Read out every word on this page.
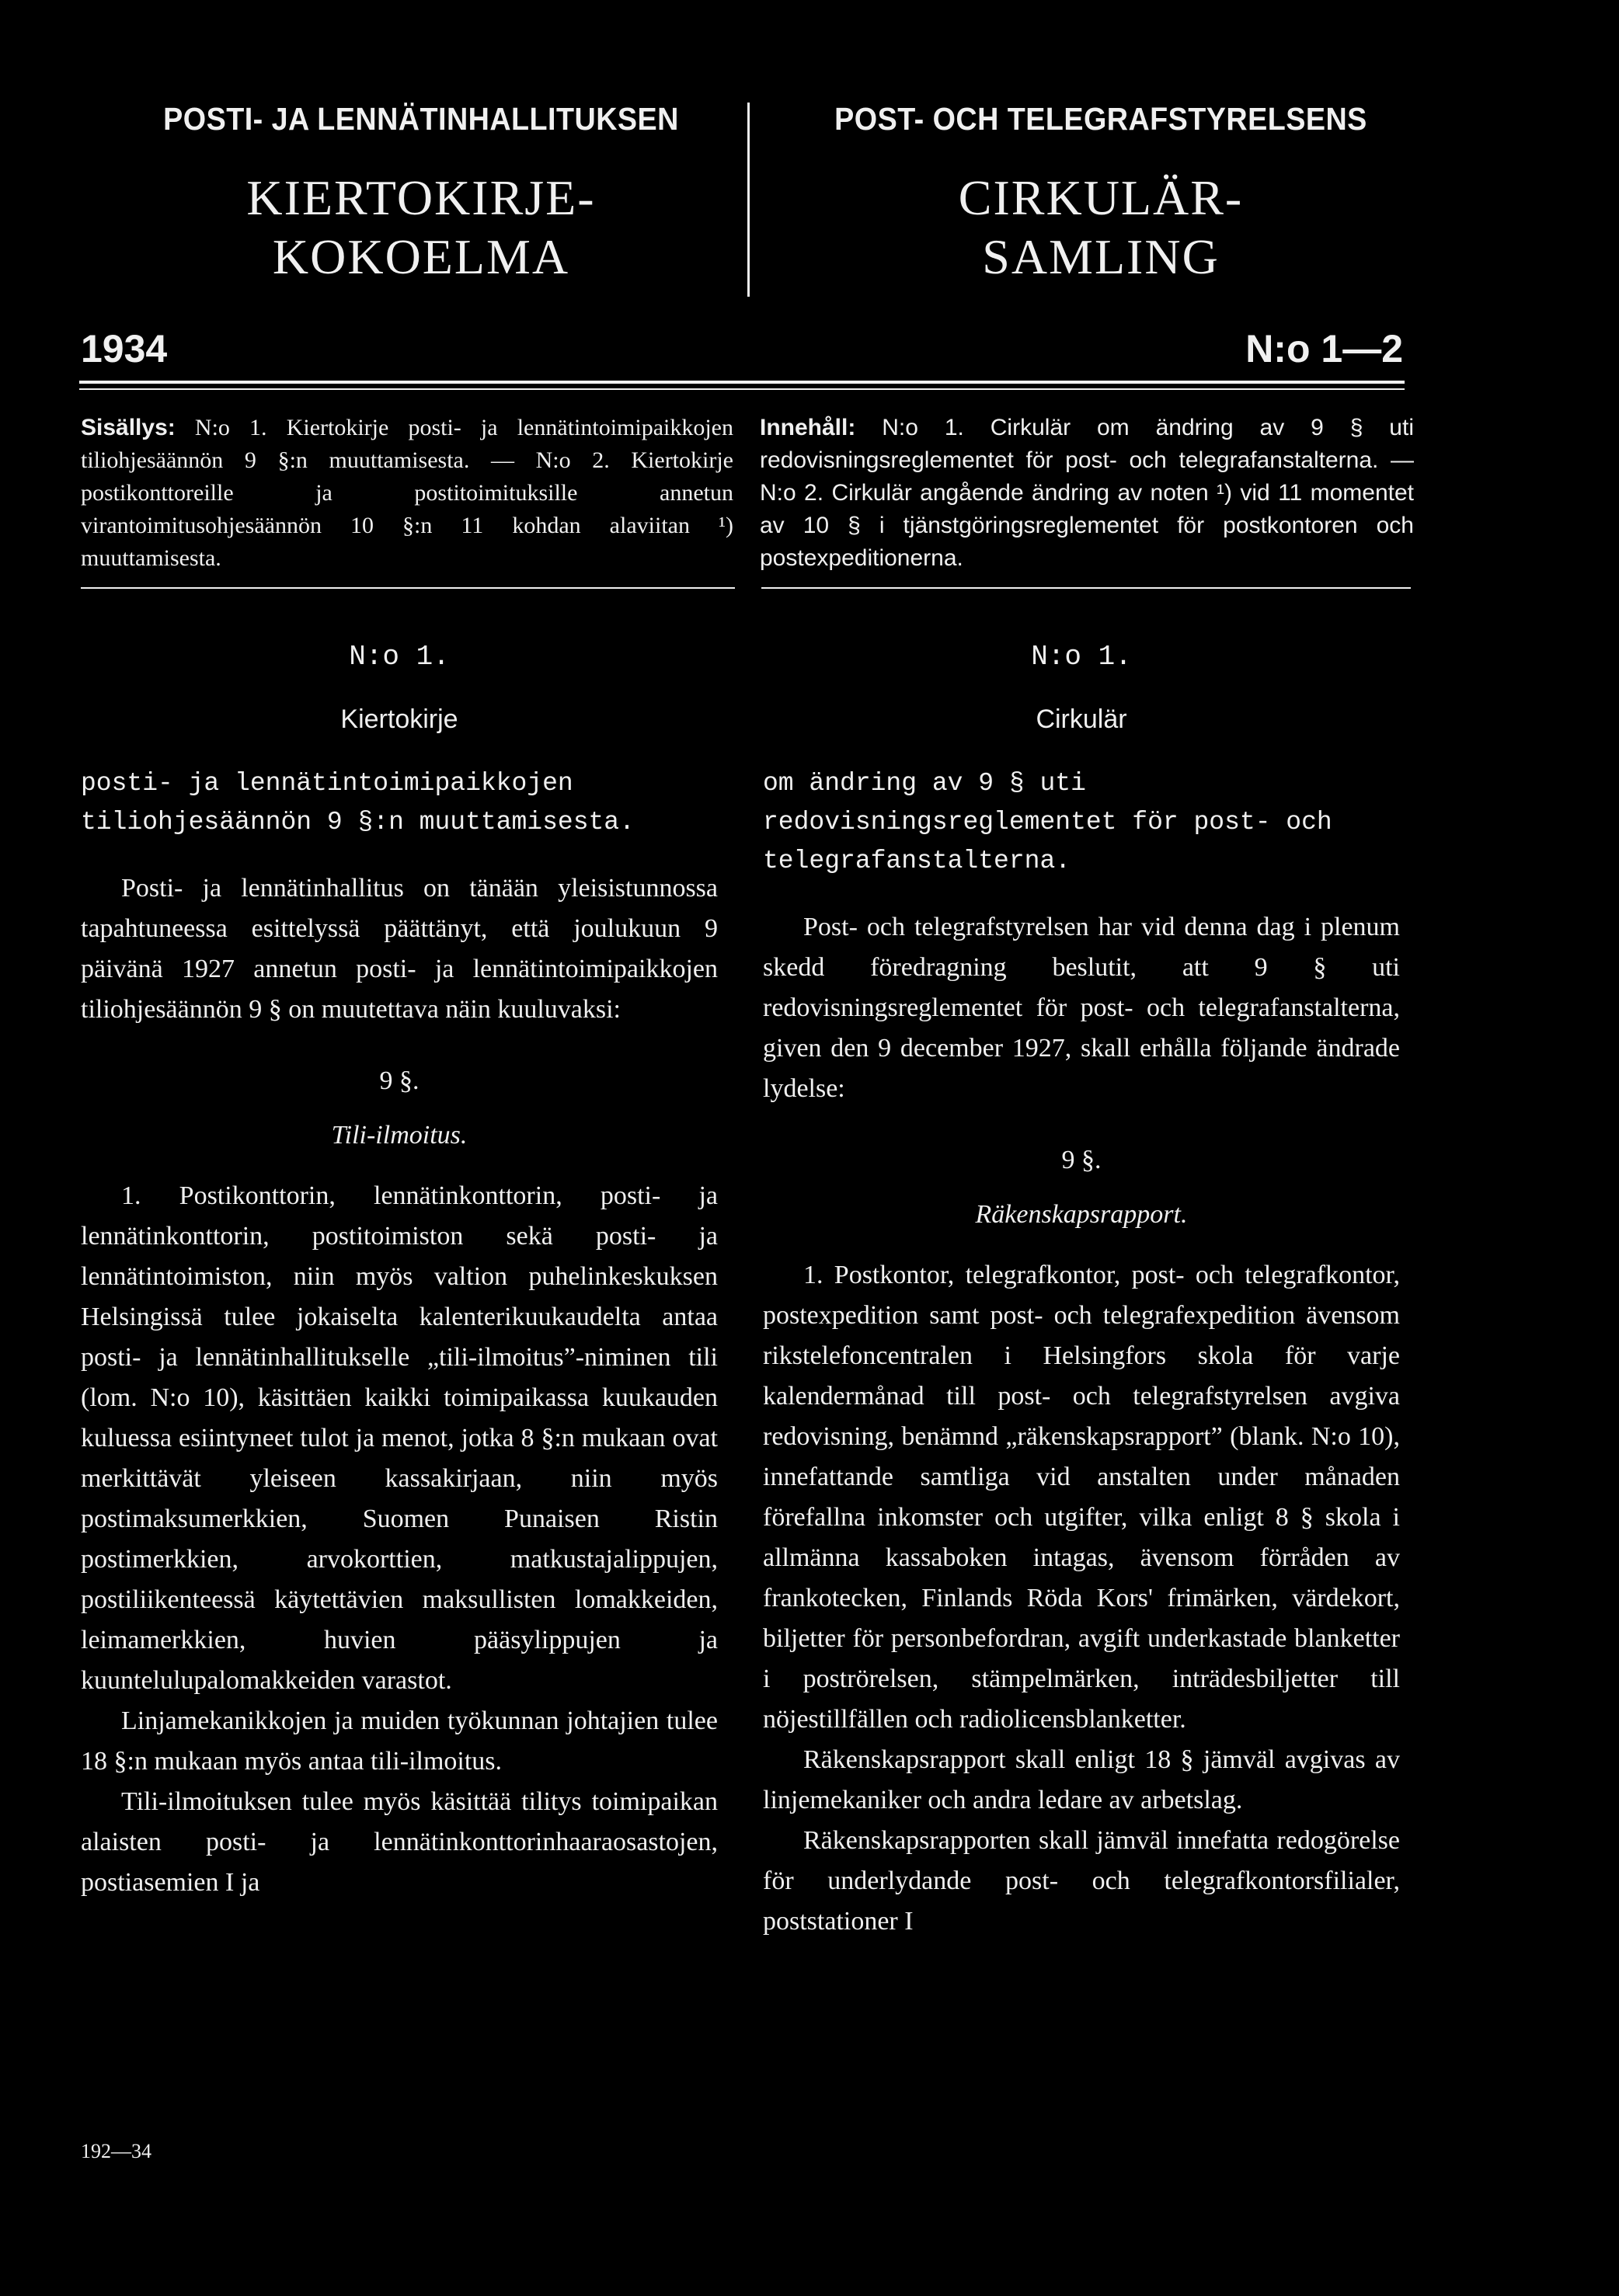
POSTI- JA LENNÄTINHALLITUKSEN
KIERTOKIRJE-
KOKOELMA
POST- OCH TELEGRAFSTYRELSENS
CIRKULÄR-
SAMLING
1934	N:o 1—2
Sisällys: N:o 1. Kiertokirje posti- ja lennätintoimipaikkojen tiliohjesäännön 9 §:n muuttamisesta. — N:o 2. Kiertokirje postikonttoreille ja postitoimituksille annetun virantoimitusohjesäännön 10 §:n 11 kohdan alaviitan ¹) muuttamisesta.
Innehåll: N:o 1. Cirkulär om ändring av 9 § uti redovisningsreglementet för post- och telegrafanstalterna. — N:o 2. Cirkulär angående ändring av noten ¹) vid 11 momentet av 10 § i tjänstgöringsreglementet för postkontoren och postexpeditionerna.
N:o 1.
Kiertokirje
posti- ja lennätintoimipaikkojen tiliohjesäännön 9 §:n muuttamisesta.

Posti- ja lennätinhallitus on tänään yleisistunnossa tapahtuneessa esittelyssä päättänyt, että joulukuun 9 päivänä 1927 annetun posti- ja lennätintoimipaikkojen tiliohjesäännön 9 § on muutettava näin kuuluvaksi:

9 §.
Tili-ilmoitus.

1. Postikonttorin, lennätinkonttorin, posti- ja lennätinkonttorin, postitoimiston sekä posti- ja lennätintoimiston, niin myös valtion puhelinkeskuksen Helsingissä tulee jokaiselta kalenterikuukaudelta antaa posti- ja lennätinhallitukselle „tili-ilmoitus”-niminen tili (lom. N:o 10), käsittäen kaikki toimipaikassa kuukauden kuluessa esiintyneet tulot ja menot, jotka 8 §:n mukaan ovat merkittävät yleiseen kassakirjaan, niin myös postimaksumerkkien, Suomen Punaisen Ristin postimerkkien, arvokorttien, matkustajalippujen, postiliikenteessä käytettävien maksullisten lomakkeiden, leimamerkkien, huvien pääsylippujen ja kuuntelulupalomakkeiden varastot.

Linjamekanikkojen ja muiden työkunnan johtajien tulee 18 §:n mukaan myös antaa tili-ilmoitus.

Tili-ilmoituksen tulee myös käsittää tilitys toimipaikan alaisten posti- ja lennätinkonttorinhaaraosastojen, postiasemien I ja

N:o 1.
Cirkulär
om ändring av 9 § uti redovisningsreglementet för post- och telegrafanstalterna.

Post- och telegrafstyrelsen har vid denna dag i plenum skedd föredragning beslutit, att 9 § uti redovisningsreglementet för post- och telegrafanstalterna, given den 9 december 1927, skall erhålla följande ändrade lydelse:

9 §.
Räkenskapsrapport.

1. Postkontor, telegrafkontor, post- och telegrafkontor, postexpedition samt post- och telegrafexpedition ävensom rikstelefoncentralen i Helsingfors skola för varje kalendermånad till post- och telegrafstyrelsen avgiva redovisning, benämnd „räkenskapsrapport” (blank. N:o 10), innefattande samtliga vid anstalten under månaden förefallna inkomster och utgifter, vilka enligt 8 § skola i allmänna kassaboken intagas, ävensom förråden av frankotecken, Finlands Röda Kors' frimärken, värdekort, biljetter för personbefordran, avgift underkastade blanketter i poströrelsen, stämpelmärken, inträdesbiljetter till nöjestillfällen och radiolicensblanketter.

Räkenskapsrapport skall enligt 18 § jämväl avgivas av linjemekaniker och andra ledare av arbetslag.

Räkenskapsrapporten skall jämväl innefatta redogörelse för underlydande post- och telegrafkontorsfilialer, poststationer I

192—34
